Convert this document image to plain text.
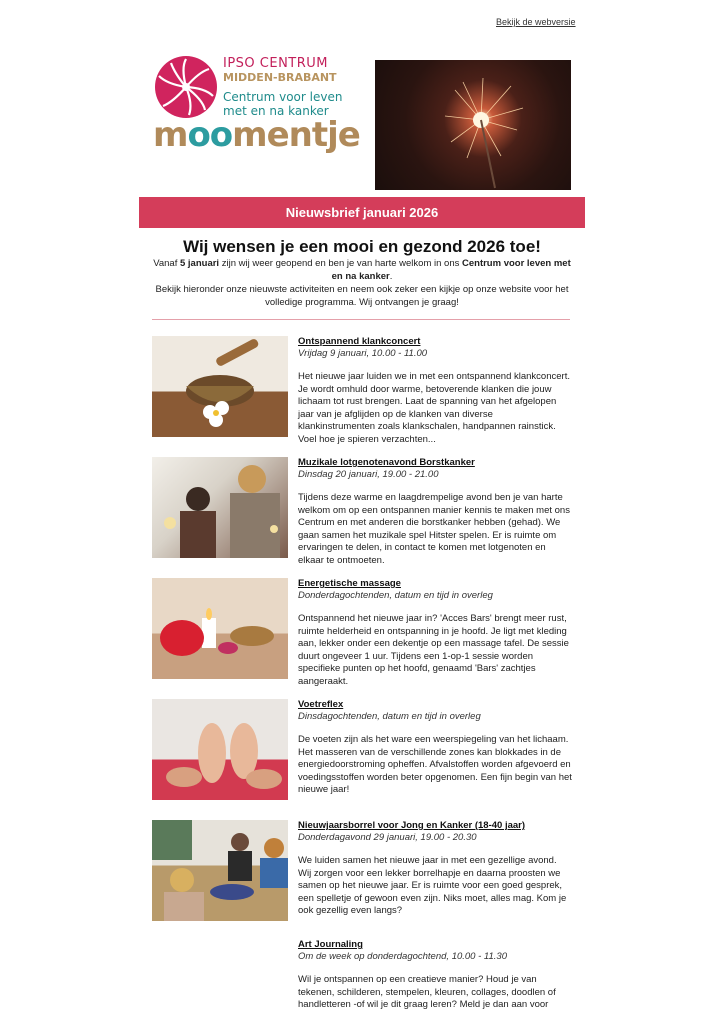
Bekijk de webversie
IPSO CENTRUM
MIDDEN-BRABANT
Centrum voor leven
met en na kanker
moomentje
Nieuwsbrief januari 2026
Wij wensen je een mooi en gezond 2026 toe!
Vanaf 5 januari zijn wij weer geopend en ben je van harte welkom in ons Centrum voor leven met en na kanker.
Bekijk hieronder onze nieuwste activiteiten en neem ook zeker een kijkje op onze website voor het volledige programma. Wij ontvangen je graag!
Ontspannend klankconcert
Vrijdag 9 januari, 10.00 - 11.00
Het nieuwe jaar luiden we in met een ontspannend klankconcert. Je wordt omhuld door warme, betoverende klanken die jouw lichaam tot rust brengen. Laat de spanning van het afgelopen jaar van je afglijden op de klanken van diverse klankinstrumenten zoals klankschalen, handpannen rainstick. Voel hoe je spieren verzachten...
Muzikale lotgenotenavond Borstkanker
Dinsdag 20 januari, 19.00 - 21.00
Tijdens deze warme en laagdrempelige avond ben je van harte welkom om op een ontspannen manier kennis te maken met ons Centrum en met anderen die borstkanker hebben (gehad). We gaan samen het muzikale spel Hitster spelen. Er is ruimte om ervaringen te delen, in contact te komen met lotgenoten en elkaar te ontmoeten.
Energetische massage
Donderdagochtenden, datum en tijd in overleg
Ontspannend het nieuwe jaar in? 'Acces Bars' brengt meer rust, ruimte helderheid en ontspanning in je hoofd. Je ligt met kleding aan, lekker onder een dekentje op een massage tafel. De sessie duurt ongeveer 1 uur. Tijdens een 1-op-1 sessie worden specifieke punten op het hoofd, genaamd 'Bars' zachtjes aangeraakt.
Voetreflex
Dinsdagochtenden, datum en tijd in overleg
De voeten zijn als het ware een weerspiegeling van het lichaam. Het masseren van de verschillende zones kan blokkades in de energiedoorstroming opheffen. Afvalstoffen worden afgevoerd en voedingsstoffen worden beter opgenomen. Een fijn begin van het nieuwe jaar!
Nieuwjaarsborrel voor Jong en Kanker (18-40 jaar)
Donderdagavond 29 januari, 19.00 - 20.30
We luiden samen het nieuwe jaar in met een gezellige avond. Wij zorgen voor een lekker borrelhapje en daarna proosten we samen op het nieuwe jaar. Er is ruimte voor een goed gesprek, een spelletje of gewoon even zijn. Niks moet, alles mag. Kom je ook gezellig even langs?
Art Journaling
Om de week op donderdagochtend, 10.00 - 11.30
Wil je ontspannen op een creatieve manier? Houd je van tekenen, schilderen, stempelen, kleuren, collages, doodlen of handletteren -of wil je dit graag leren? Meld je dan aan voor
